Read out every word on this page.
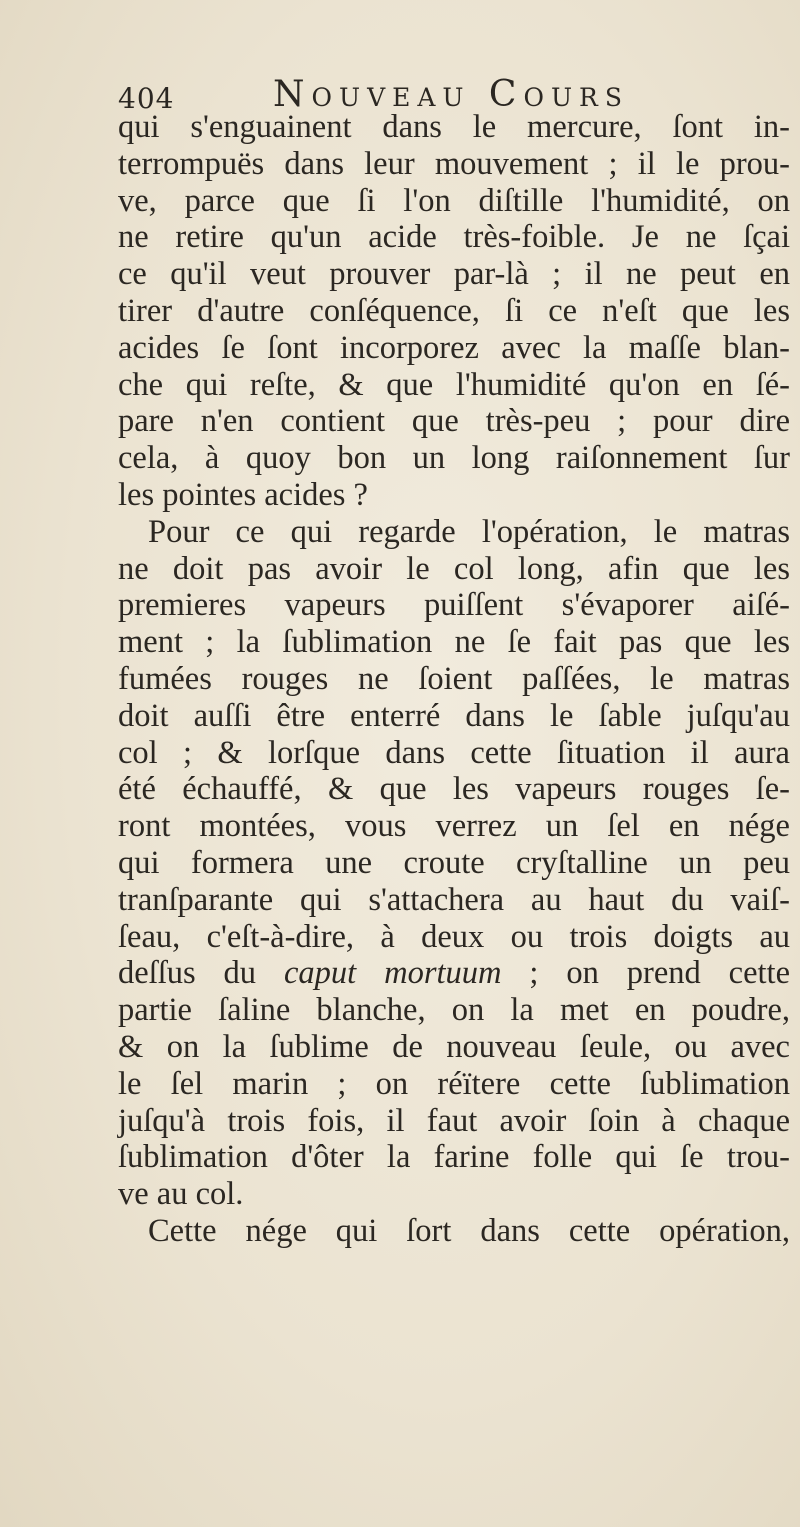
404	Nouveau Cours
qui s'enguainent dans le mercure, ſont in-
terrompuës dans leur mouvement ; il le prou-
ve, parce que ſi l'on diſtille l'humidité, on
ne retire qu'un acide très-foible. Je ne ſçai
ce qu'il veut prouver par-là ; il ne peut en
tirer d'autre conſéquence, ſi ce n'eſt que les
acides ſe ſont incorporez avec la maſſe blan-
che qui reſte, & que l'humidité qu'on en ſé-
pare n'en contient que très-peu ; pour dire
cela, à quoy bon un long raiſonnement ſur
les pointes acides ?
Pour ce qui regarde l'opération, le matras
ne doit pas avoir le col long, afin que les
premieres vapeurs puiſſent s'évaporer aiſé-
ment ; la ſublimation ne ſe fait pas que les
fumées rouges ne ſoient paſſées, le matras
doit auſſi être enterré dans le ſable juſqu'au
col ; & lorſque dans cette ſituation il aura
été échauffé, & que les vapeurs rouges ſe-
ront montées, vous verrez un ſel en nége
qui formera une croute cryſtalline un peu
tranſparante qui s'attachera au haut du vaiſ-
ſeau, c'eſt-à-dire, à deux ou trois doigts au
deſſus du caput mortuum ; on prend cette
partie ſaline blanche, on la met en poudre,
& on la ſublime de nouveau ſeule, ou avec
le ſel marin ; on réïtere cette ſublimation
juſqu'à trois fois, il faut avoir ſoin à chaque
ſublimation d'ôter la farine folle qui ſe trou-
ve au col.
Cette nége qui ſort dans cette opération,
